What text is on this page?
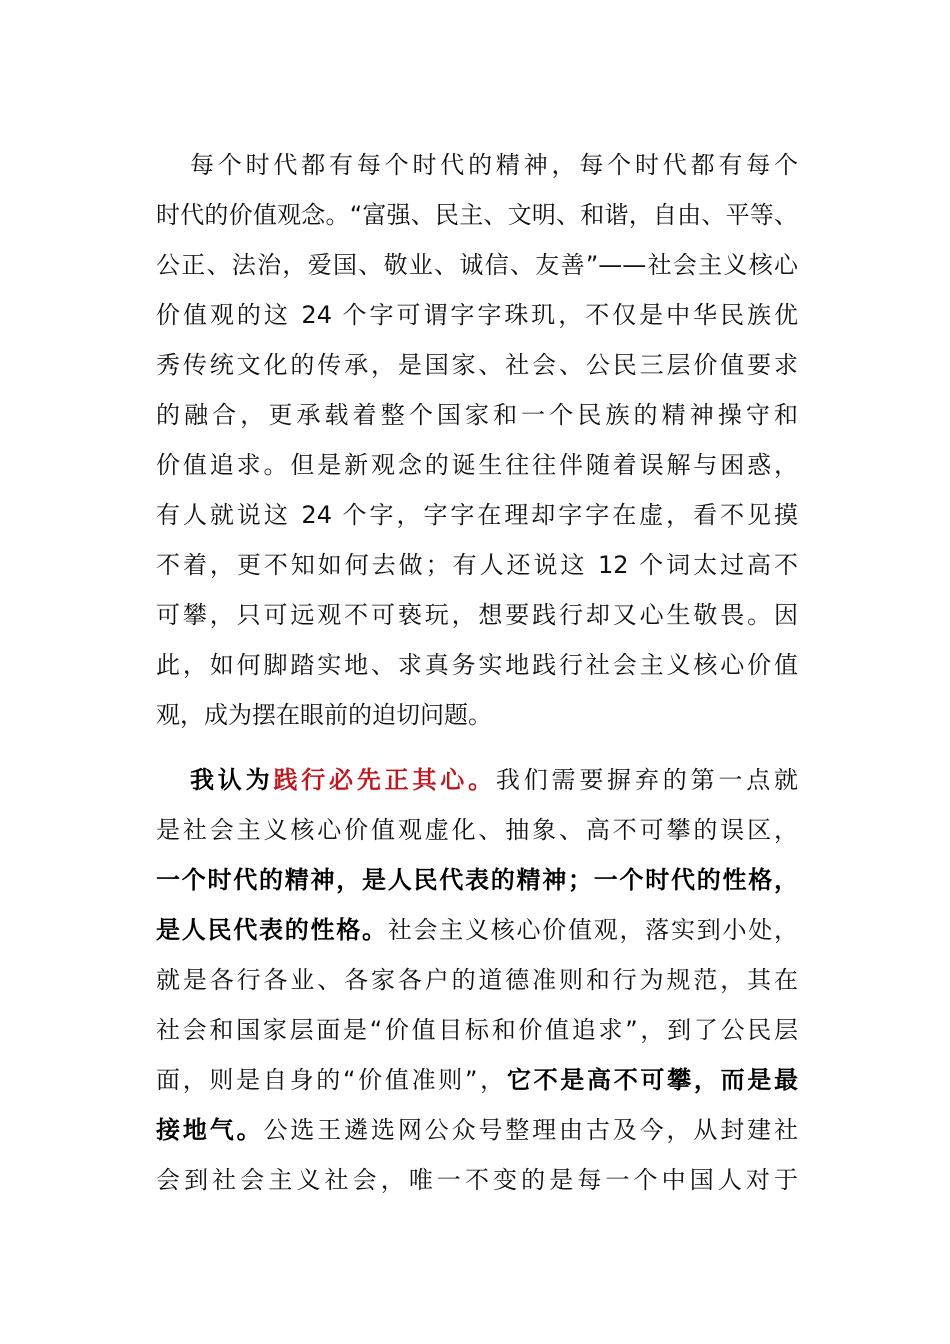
每个时代都有每个时代的精神，每个时代都有每个
时代的价值观念。“富强、民主、文明、和谐，自由、平等、
公正、法治，爱国、敬业、诚信、友善”——社会主义核心
价值观的这 24 个字可谓字字珠玑，不仅是中华民族优
秀传统文化的传承，是国家、社会、公民三层价值要求
的融合，更承载着整个国家和一个民族的精神操守和
价值追求。但是新观念的诞生往往伴随着误解与困惑，
有人就说这 24 个字，字字在理却字字在虚，看不见摸
不着，更不知如何去做；有人还说这 12 个词太过高不
可攀，只可远观不可亵玩，想要践行却又心生敬畏。因
此，如何脚踏实地、求真务实地践行社会主义核心价值
观，成为摆在眼前的迫切问题。
我认为践行必先正其心。我们需要摒弃的第一点就
是社会主义核心价值观虚化、抽象、高不可攀的误区，
一个时代的精神，是人民代表的精神；一个时代的性格，
是人民代表的性格。社会主义核心价值观，落实到小处，
就是各行各业、各家各户的道德准则和行为规范，其在
社会和国家层面是“价值目标和价值追求”，到了公民层
面，则是自身的“价值准则”，它不是高不可攀，而是最
接地气。公选王遴选网公众号整理由古及今，从封建社
会到社会主义社会，唯一不变的是每一个中国人对于
